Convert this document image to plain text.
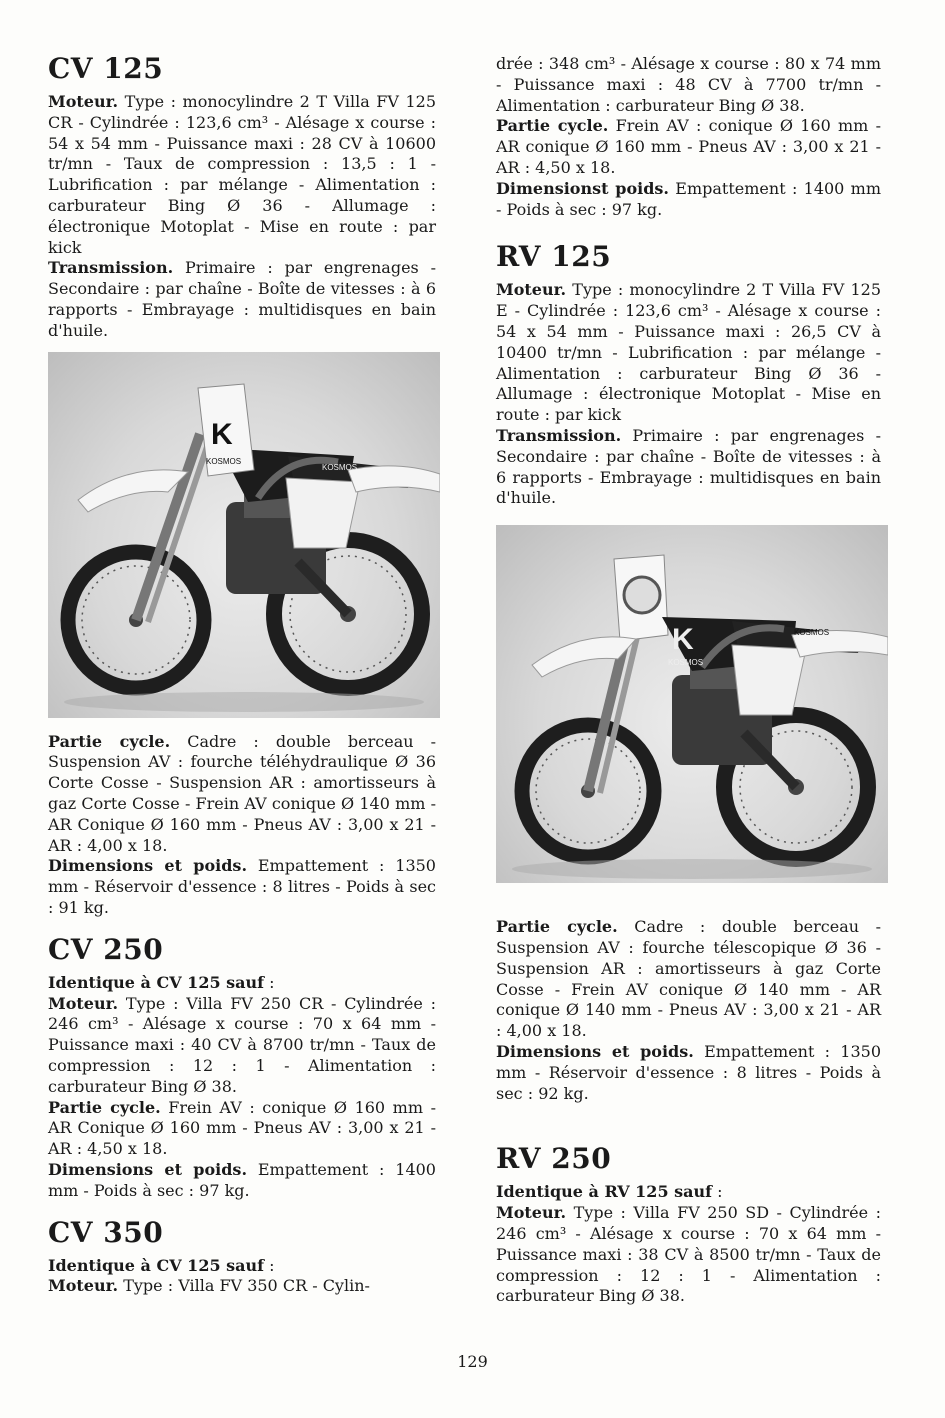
CV 125

Moteur. Type : monocylindre 2 T Villa FV 125 CR - Cylindrée : 123,6 cm³ - Alésage x course : 54 x 54 mm - Puissance maxi : 28 CV à 10600 tr/mn - Taux de compression : 13,5 : 1 - Lubrification : par mélange - Alimentation : carburateur Bing Ø 36 - Allumage : électronique Motoplat - Mise en route : par kick

Transmission. Primaire : par engrenages - Secondaire : par chaîne - Boîte de vitesses : à 6 rapports - Embrayage : multidisques en bain d'huile.

K
KOSMOS
KOSMOS

Partie cycle. Cadre : double berceau - Suspension AV : fourche téléhydraulique Ø 36 Corte Cosse - Suspension AR : amortisseurs à gaz Corte Cosse - Frein AV conique Ø 140 mm - AR Conique Ø 160 mm - Pneus AV : 3,00 x 21 - AR : 4,00 x 18.

Dimensions et poids. Empattement : 1350 mm - Réservoir d'essence : 8 litres - Poids à sec : 91 kg.

CV 250

Identique à CV 125 sauf :

Moteur. Type : Villa FV 250 CR - Cylindrée : 246 cm³ - Alésage x course : 70 x 64 mm - Puissance maxi : 40 CV à 8700 tr/mn - Taux de compression : 12 : 1 - Alimentation : carburateur Bing Ø 38.

Partie cycle. Frein AV : conique Ø 160 mm - AR Conique Ø 160 mm - Pneus AV : 3,00 x 21 - AR : 4,50 x 18.

Dimensions et poids. Empattement : 1400 mm - Poids à sec : 97 kg.

CV 350

Identique à CV 125 sauf :

Moteur. Type : Villa FV 350 CR - Cylin-

drée : 348 cm³ - Alésage x course : 80 x 74 mm - Puissance maxi : 48 CV à 7700 tr/mn - Alimentation : carburateur Bing Ø 38.

Partie cycle. Frein AV : conique Ø 160 mm - AR conique Ø 160 mm - Pneus AV : 3,00 x 21 - AR : 4,50 x 18.

Dimensionst poids. Empattement : 1400 mm - Poids à sec : 97 kg.

RV 125

Moteur. Type : monocylindre 2 T Villa FV 125 E - Cylindrée : 123,6 cm³ - Alésage x course : 54 x 54 mm - Puissance maxi : 26,5 CV à 10400 tr/mn - Lubrification : par mélange - Alimentation : carburateur Bing Ø 36 - Allumage : électronique Motoplat - Mise en route : par kick

Transmission. Primaire : par engrenages - Secondaire : par chaîne - Boîte de vitesses : à 6 rapports - Embrayage : multidisques en bain d'huile.

K
KOSMOS
KOSMOS

Partie cycle. Cadre : double berceau - Suspension AV : fourche télescopique Ø 36 - Suspension AR : amortisseurs à gaz Corte Cosse - Frein AV conique Ø 140 mm - AR conique Ø 140 mm - Pneus AV : 3,00 x 21 - AR : 4,00 x 18.

Dimensions et poids. Empattement : 1350 mm - Réservoir d'essence : 8 litres - Poids à sec : 92 kg.

RV 250

Identique à RV 125 sauf :

Moteur. Type : Villa FV 250 SD - Cylindrée : 246 cm³ - Alésage x course : 70 x 64 mm - Puissance maxi : 38 CV à 8500 tr/mn - Taux de compression : 12 : 1 - Alimentation : carburateur Bing Ø 38.

129
